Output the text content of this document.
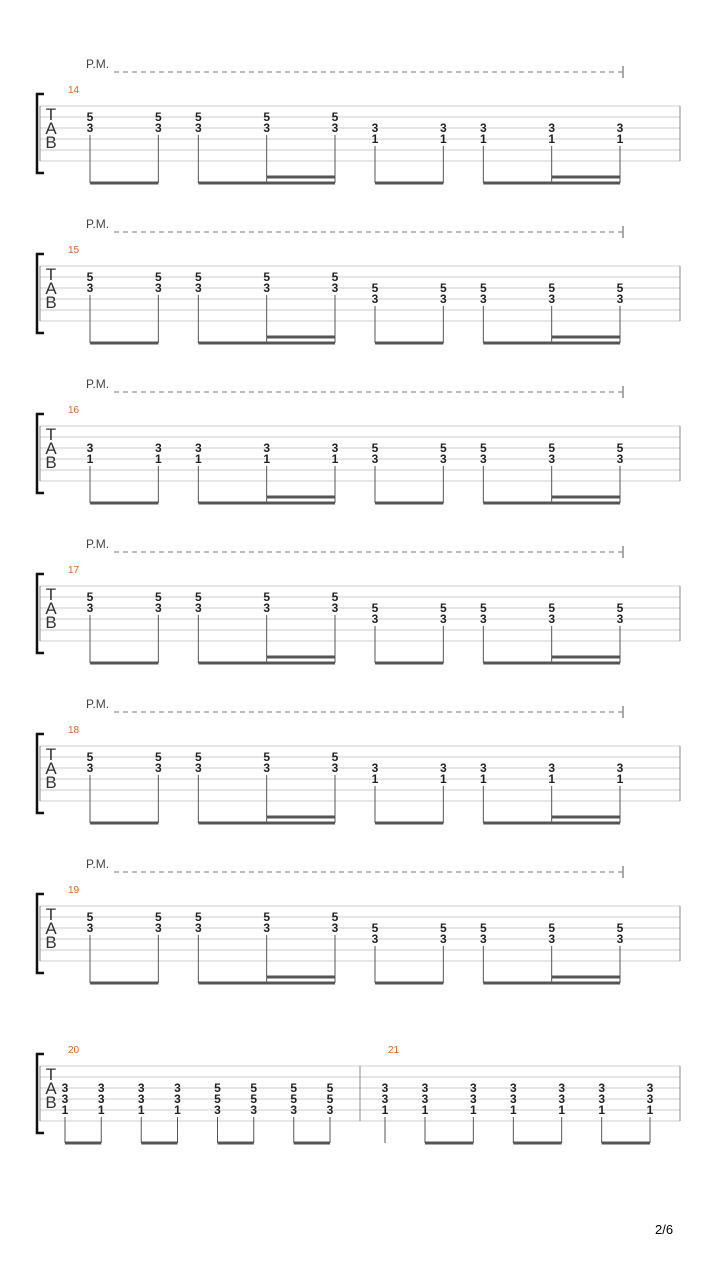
P.M.
T
A
B
14
5
3
5
3
5
3
5
3
5
3	3
1
3
1
3
1
3
1
3
1
P.M.
T
A
B
15
5
3
5
3
5
3
5
3
5
3	5
3
5
3
5
3
5
3
5
3
P.M.
T
A
B
16
3
1
3
1
3
1
3
1
3
1
5
3
5
3
5
3
5
3
5
3
P.M.
T
A
B
17
5
3
5
3
5
3
5
3
5
3	5
3
5
3
5
3
5
3
5
3
P.M.
T
A
B
18
5
3
5
3
5
3
5
3
5
3	3
1
3
1
3
1
3
1
3
1
P.M.
T
A
B
19
5
3
5
3
5
3
5
3
5
3	5
3
5
3
5
3
5
3
5
3
T
A
B
20
3
3
1
3
3
1
3
3
1
3
3
1
5
5
3
5
5
3
5
5
3
5
5
3
21
3
3
1
3
3
1
3
3
1
3
3
1
3
3
1
3
3
1
3
3
1
2/6
